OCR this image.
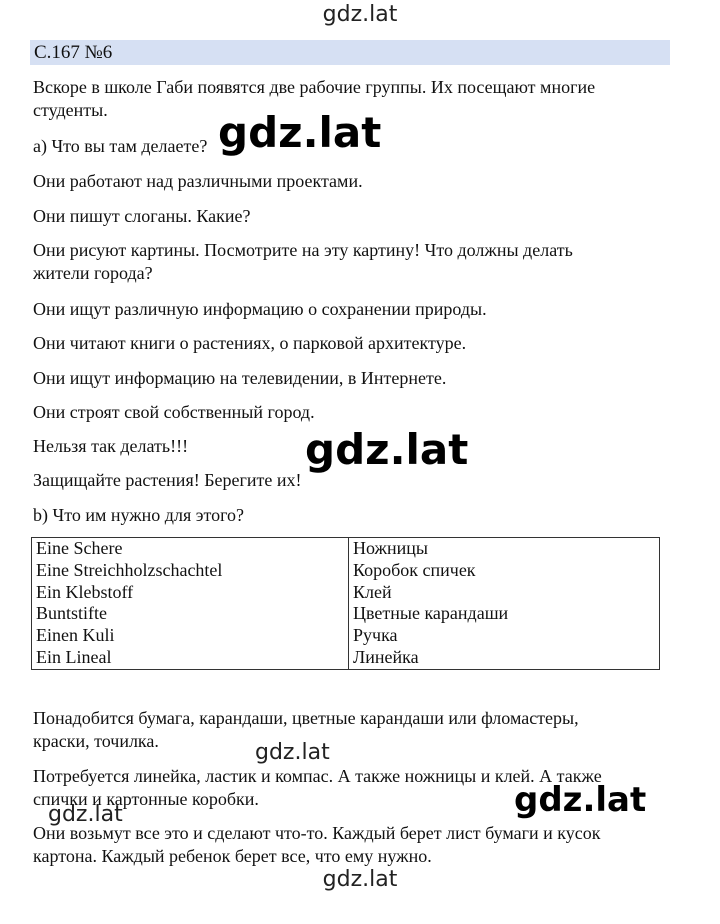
gdz.lat
С.167 №6
Вскоре в школе Габи появятся две рабочие группы. Их посещают многие
студенты.
а) Что вы там делаете?
Они работают над различными проектами.
Они пишут слоганы. Какие?
Они рисуют картины. Посмотрите на эту картину! Что должны делать
жители города?
Они ищут различную информацию о сохранении природы.
Они читают книги о растениях, о парковой архитектуре.
Они ищут информацию на телевидении, в Интернете.
Они строят свой собственный город.
Нельзя так делать!!!
Защищайте растения! Берегите их!
b) Что им нужно для этого?
Eine Schere	Ножницы
Eine Streichholzschachtel	Коробок спичек
Ein Klebstoff	Клей
Buntstifte	Цветные карандаши
Einen Kuli	Ручка
Ein Lineal	Линейка
Понадобится бумага, карандаши, цветные карандаши или фломастеры,
краски, точилка.
Потребуется линейка, ластик и компас. А также ножницы и клей. А также
спички и картонные коробки.
Они возьмут все это и сделают что-то. Каждый берет лист бумаги и кусок
картона. Каждый ребенок берет все, что ему нужно.
gdz.lat
gdz.lat
gdz.lat
gdz.lat	gdz.lat
gdz.lat
